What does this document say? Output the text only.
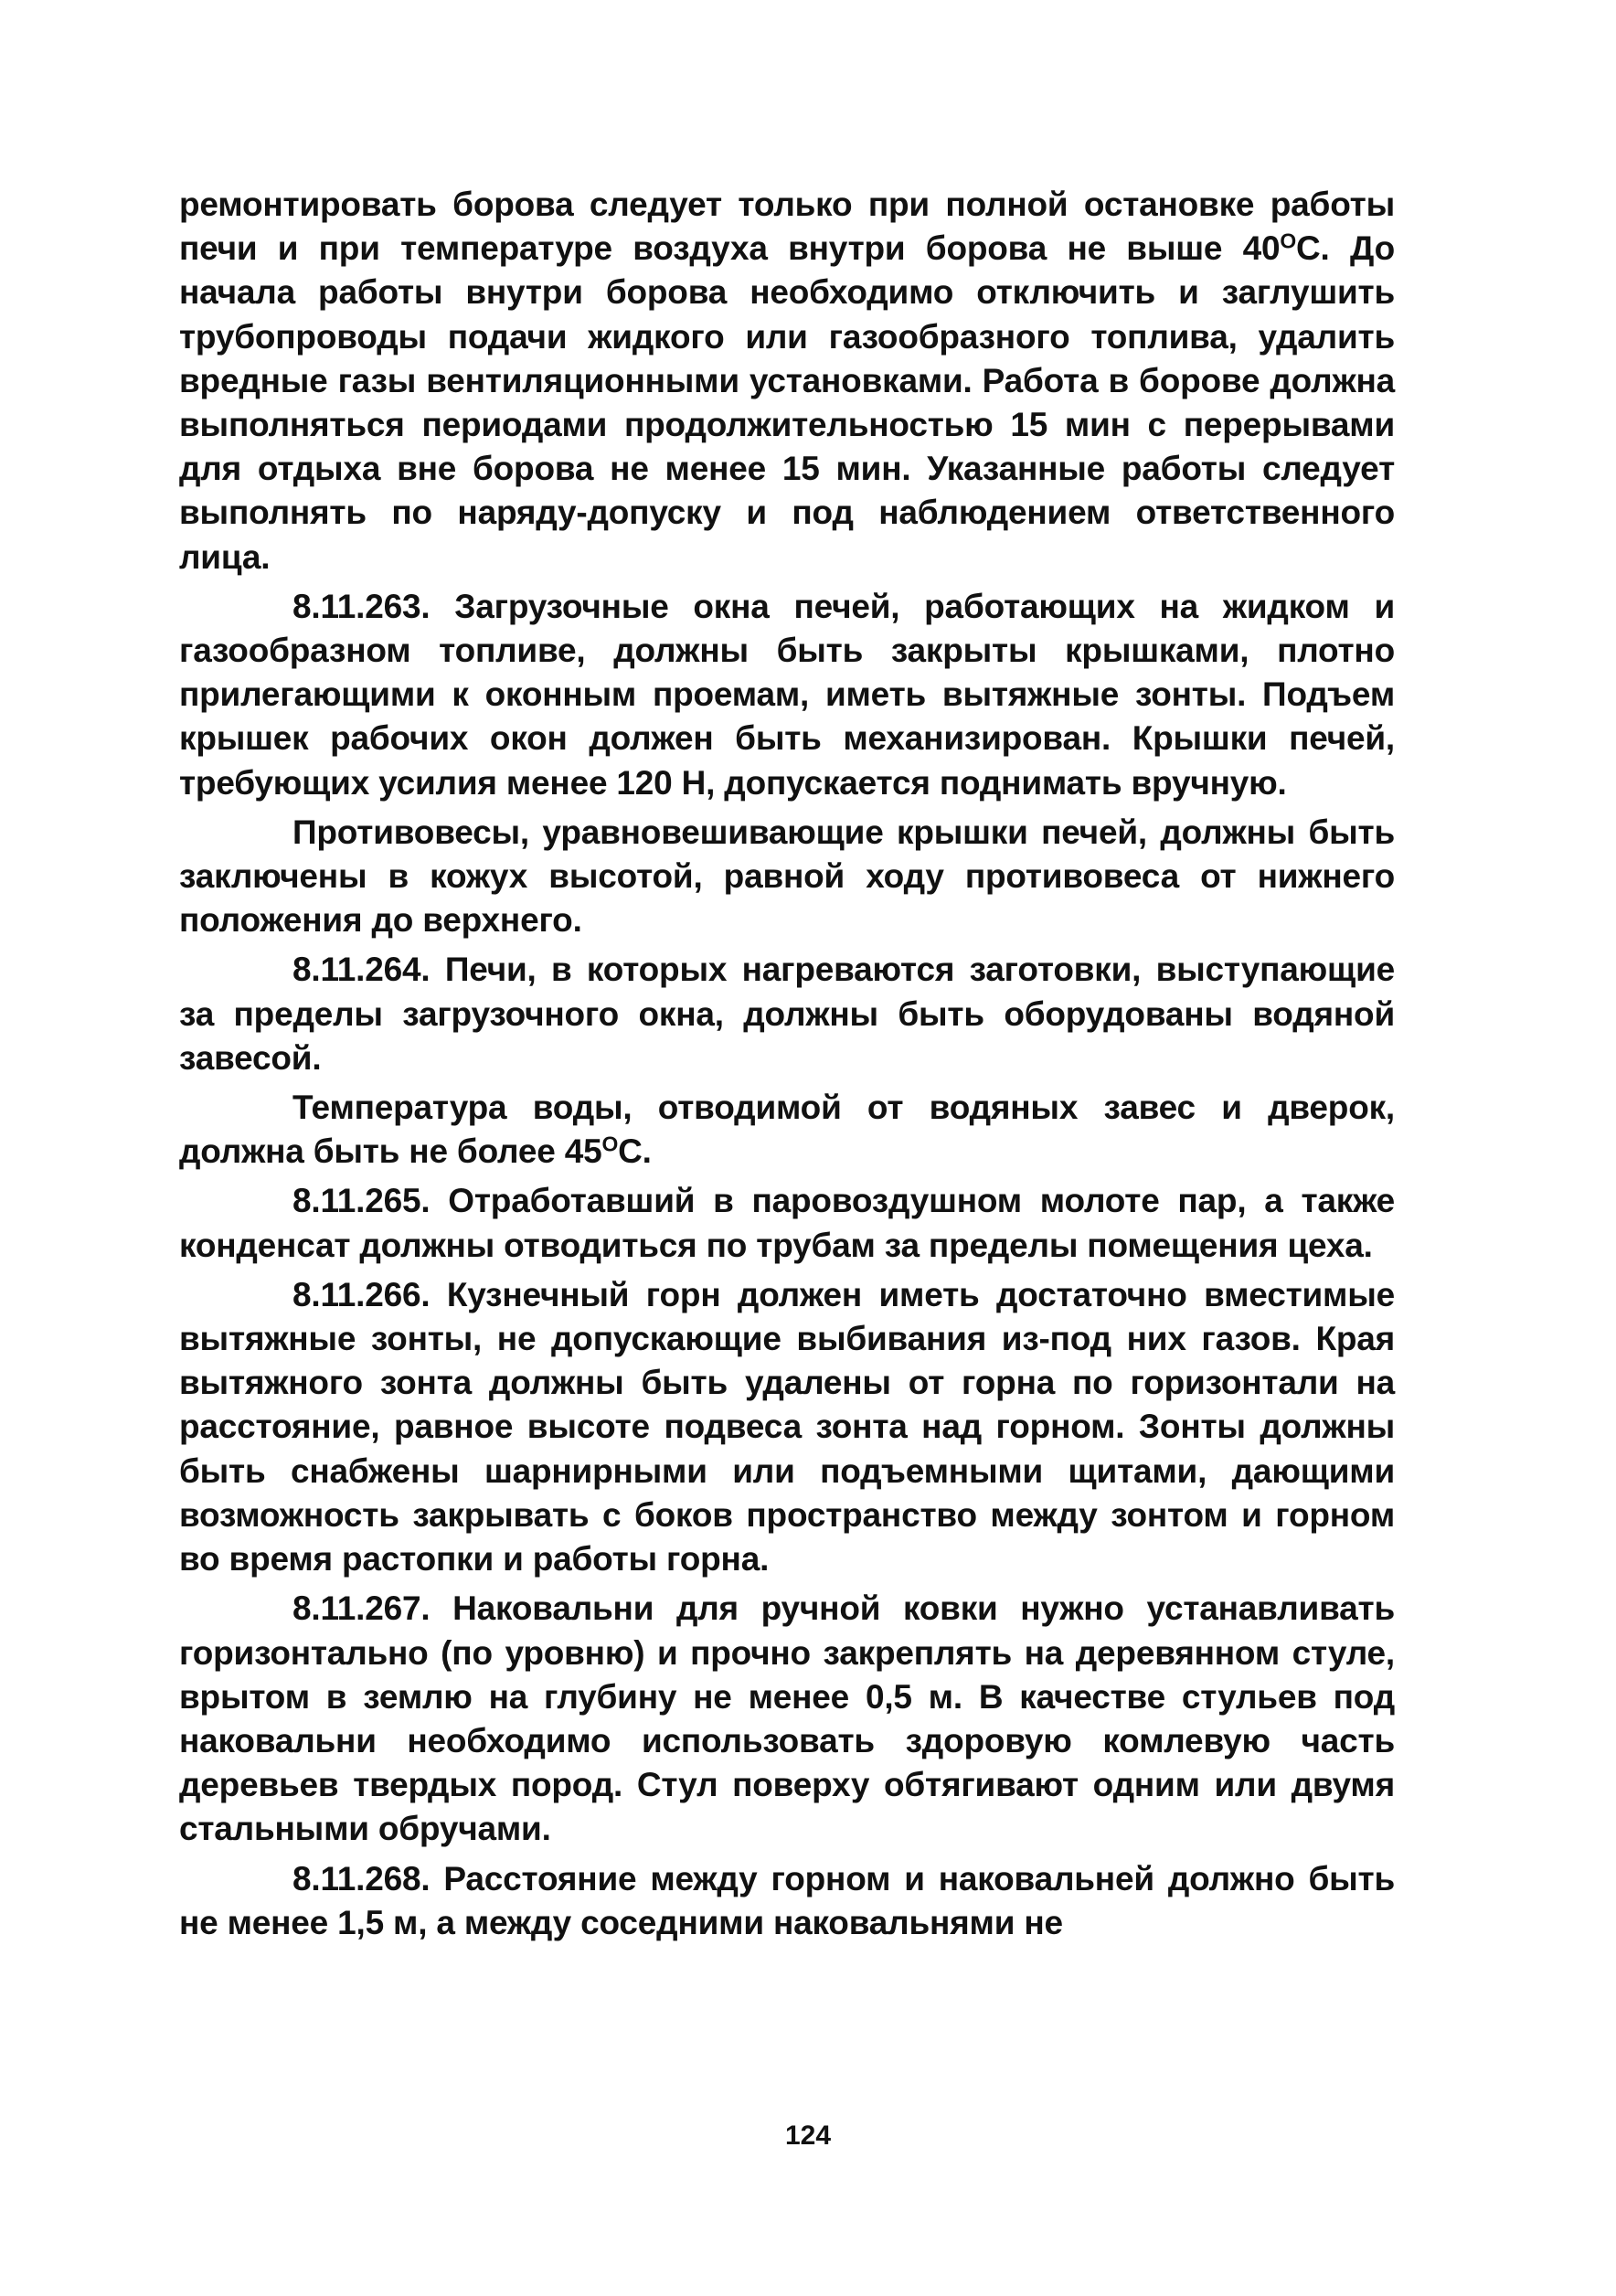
ремонтировать борова следует только при полной остановке работы печи и при температуре воздуха внутри борова не выше $40^ОС$. До начала работы внутри борова необходимо отключить и заглушить трубопроводы подачи жидкого или газообразного топлива, удалить вредные газы вентиляционными установками. Работа в борове должна выполняться периодами продолжительностью 15 мин с перерывами для отдыха вне борова не менее 15 мин. Указанные работы следует выполнять по наряду-допуску и под наблюдением ответственного лица.

8.11.263. Загрузочные окна печей, работающих на жидком и газообразном топливе, должны быть закрыты крышками, плотно прилегающими к оконным проемам, иметь вытяжные зонты. Подъем крышек рабочих окон должен быть механизирован. Крышки печей, требующих усилия менее 120 Н, допускается поднимать вручную.

Противовесы, уравновешивающие крышки печей, должны быть заключены в кожух высотой, равной ходу противовеса от нижнего положения до верхнего.

8.11.264. Печи, в которых нагреваются заготовки, выступающие за пределы загрузочного окна, должны быть оборудованы водяной завесой.

Температура воды, отводимой от водяных завес и дверок, должна быть не более $45^ОС$.

8.11.265. Отработавший в паровоздушном молоте пар, а также конденсат должны отводиться по трубам за пределы помещения цеха.

8.11.266. Кузнечный горн должен иметь достаточно вместимые вытяжные зонты, не допускающие выбивания из-под них газов. Края вытяжного зонта должны быть удалены от горна по горизонтали на расстояние, равное высоте подвеса зонта над горном. Зонты должны быть снабжены шарнирными или подъемными щитами, дающими возможность закрывать с боков пространство между зонтом и горном во время растопки и работы горна.

8.11.267. Наковальни для ручной ковки нужно устанавливать горизонтально (по уровню) и прочно закреплять на деревянном стуле, врытом в землю на глубину не менее 0,5 м. В качестве стульев под наковальни необходимо использовать здоровую комлевую часть деревьев твердых пород. Стул поверху обтягивают одним или двумя стальными обручами.

8.11.268. Расстояние между горном и наковальней должно быть не менее 1,5 м, а между соседними наковальнями не

124
